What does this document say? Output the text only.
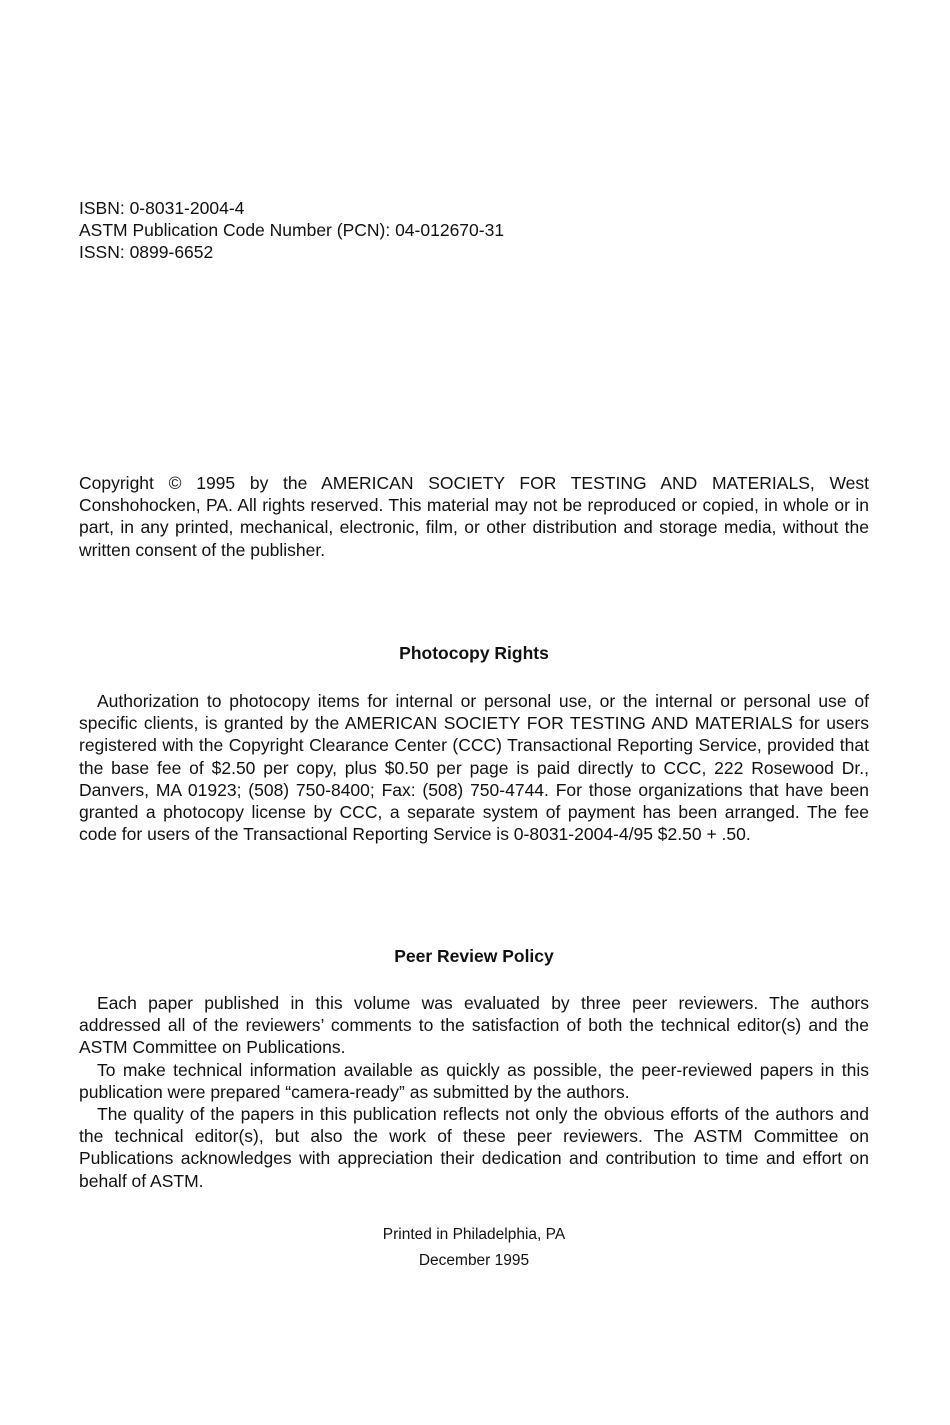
ISBN: 0-8031-2004-4
ASTM Publication Code Number (PCN): 04-012670-31
ISSN: 0899-6652

Copyright © 1995 by the AMERICAN SOCIETY FOR TESTING AND MATERIALS, West Conshohocken, PA. All rights reserved. This material may not be reproduced or copied, in whole or in part, in any printed, mechanical, electronic, film, or other distribution and storage media, without the written consent of the publisher.

Photocopy Rights

Authorization to photocopy items for internal or personal use, or the internal or personal use of specific clients, is granted by the AMERICAN SOCIETY FOR TESTING AND MATERIALS for users registered with the Copyright Clearance Center (CCC) Transactional Reporting Service, provided that the base fee of $2.50 per copy, plus $0.50 per page is paid directly to CCC, 222 Rosewood Dr., Danvers, MA 01923; (508) 750-8400; Fax: (508) 750-4744. For those organizations that have been granted a photocopy license by CCC, a separate system of payment has been arranged. The fee code for users of the Transactional Reporting Service is 0-8031-2004-4/95 $2.50 + .50.

Peer Review Policy

Each paper published in this volume was evaluated by three peer reviewers. The authors addressed all of the reviewers’ comments to the satisfaction of both the technical editor(s) and the ASTM Committee on Publications.

To make technical information available as quickly as possible, the peer-reviewed papers in this publication were prepared “camera-ready” as submitted by the authors.

The quality of the papers in this publication reflects not only the obvious efforts of the authors and the technical editor(s), but also the work of these peer reviewers. The ASTM Committee on Publications acknowledges with appreciation their dedication and contribution to time and effort on behalf of ASTM.

Printed in Philadelphia, PA
December 1995
